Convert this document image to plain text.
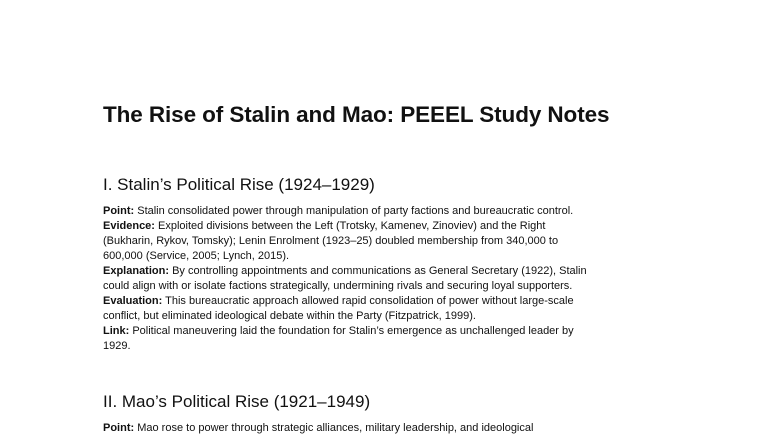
The Rise of Stalin and Mao: PEEEL Study Notes
I. Stalin’s Political Rise (1924–1929)
Point: Stalin consolidated power through manipulation of party factions and bureaucratic control.
Evidence: Exploited divisions between the Left (Trotsky, Kamenev, Zinoviev) and the Right
(Bukharin, Rykov, Tomsky); Lenin Enrolment (1923–25) doubled membership from 340,000 to
600,000 (Service, 2005; Lynch, 2015).
Explanation: By controlling appointments and communications as General Secretary (1922), Stalin
could align with or isolate factions strategically, undermining rivals and securing loyal supporters.
Evaluation: This bureaucratic approach allowed rapid consolidation of power without large-scale
conflict, but eliminated ideological debate within the Party (Fitzpatrick, 1999).
Link: Political maneuvering laid the foundation for Stalin’s emergence as unchallenged leader by
1929.
II. Mao’s Political Rise (1921–1949)
Point: Mao rose to power through strategic alliances, military leadership, and ideological
